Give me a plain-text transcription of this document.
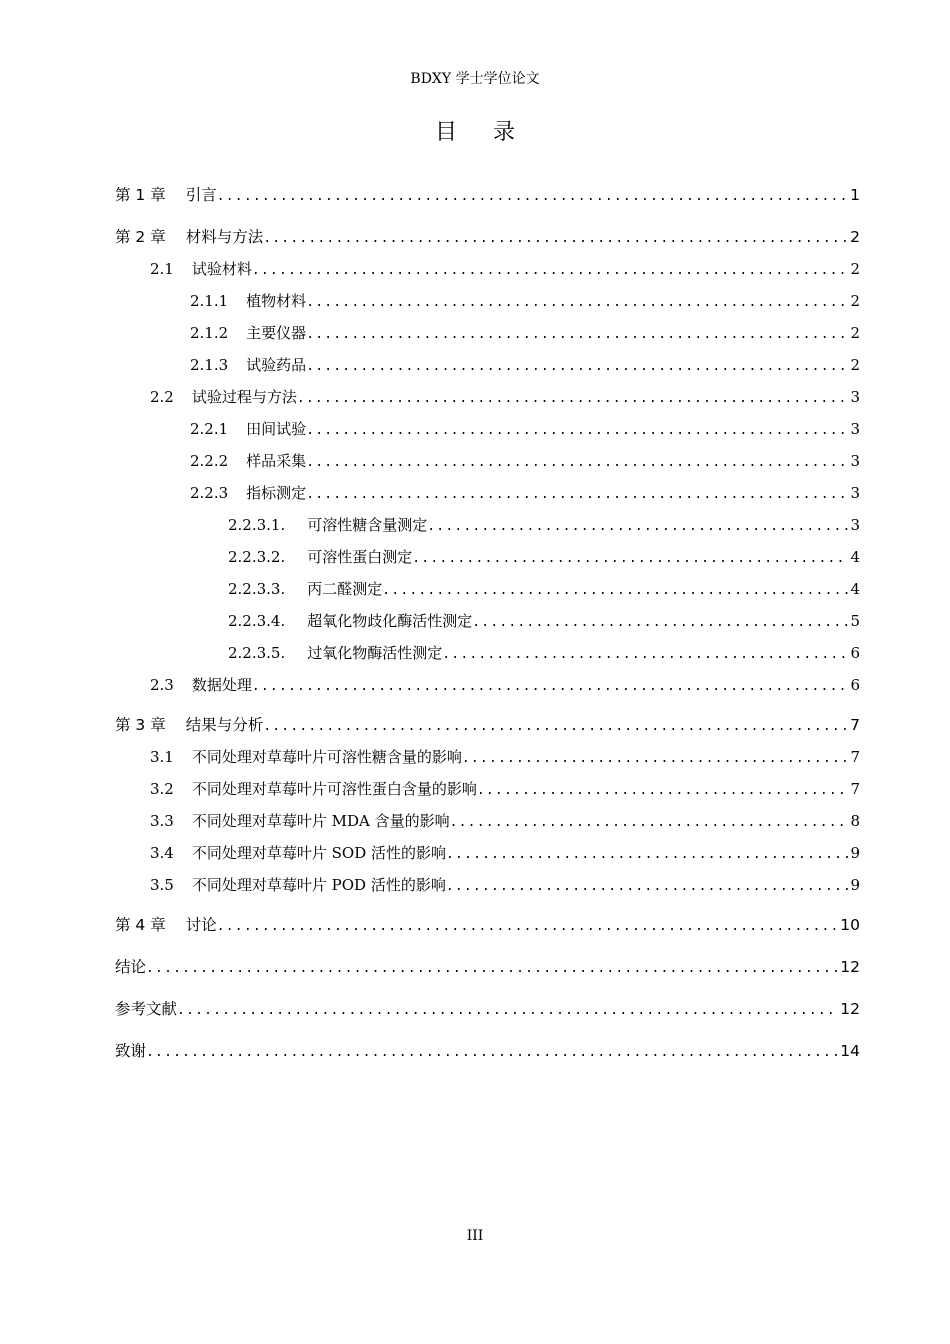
BDXY 学士学位论文
目 录
第 1 章 引言 .....	1
第 2 章 材料与方法 .....	2
2.1 试验材料 .....	2
2.1.1 植物材料 .....	2
2.1.2 主要仪器 .....	2
2.1.3 试验药品 .....	2
2.2 试验过程与方法 .....	3
2.2.1 田间试验 .....	3
2.2.2 样品采集 .....	3
2.2.3 指标测定 .....	3
2.2.3.1. 可溶性糖含量测定 .....	3
2.2.3.2. 可溶性蛋白测定 .....	4
2.2.3.3. 丙二醛测定 .....	4
2.2.3.4. 超氧化物歧化酶活性测定 .....	5
2.2.3.5. 过氧化物酶活性测定 .....	6
2.3 数据处理 .....	6
第 3 章 结果与分析 .....	7
3.1 不同处理对草莓叶片可溶性糖含量的影响 .....	7
3.2 不同处理对草莓叶片可溶性蛋白含量的影响 .....	7
3.3 不同处理对草莓叶片 MDA 含量的影响 .....	8
3.4 不同处理对草莓叶片 SOD 活性的影响 .....	9
3.5 不同处理对草莓叶片 POD 活性的影响 .....	9
第 4 章 讨论 .....	10
结论 .....	12
参考文献 .....	12
致谢 .....	14
III
